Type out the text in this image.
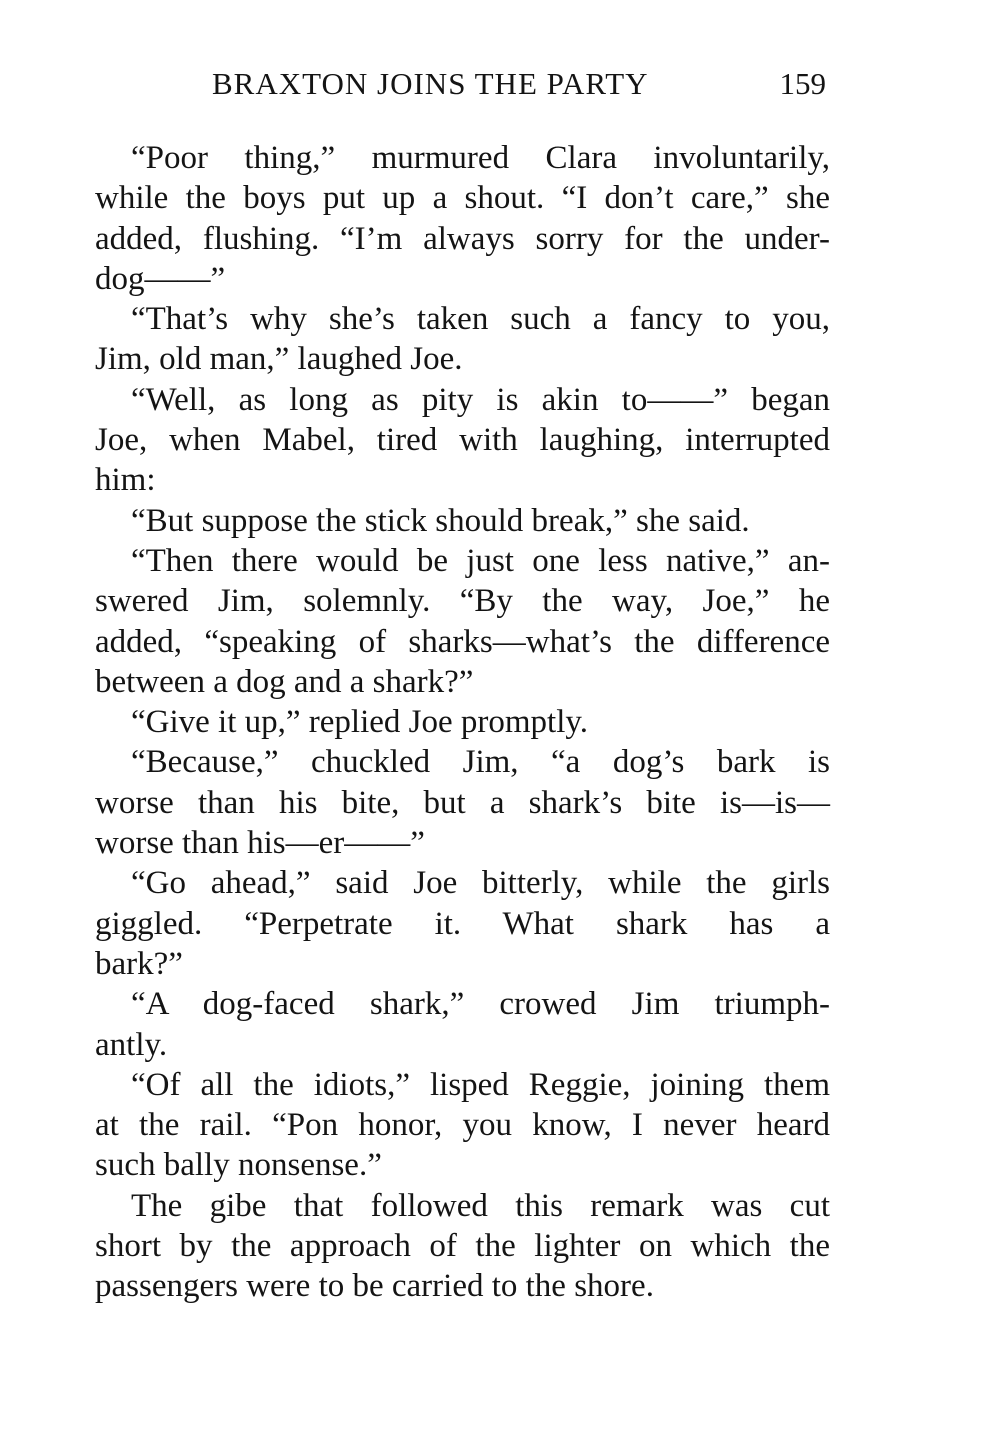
BRAXTON JOINS THE PARTY	159
“Poor thing,” murmured Clara involuntarily,
while the boys put up a shout. “I don’t care,” she
added, flushing. “I’m always sorry for the under-
dog——”
“That’s why she’s taken such a fancy to you,
Jim, old man,” laughed Joe.
“Well, as long as pity is akin to——” began
Joe, when Mabel, tired with laughing, interrupted
him:
“But suppose the stick should break,” she said.
“Then there would be just one less native,” an-
swered Jim, solemnly. “By the way, Joe,” he
added, “speaking of sharks—what’s the difference
between a dog and a shark?”
“Give it up,” replied Joe promptly.
“Because,” chuckled Jim, “a dog’s bark is
worse than his bite, but a shark’s bite is—is—
worse than his—er——”
“Go ahead,” said Joe bitterly, while the girls
giggled. “Perpetrate it. What shark has a
bark?”
“A dog-faced shark,” crowed Jim triumph-
antly.
“Of all the idiots,” lisped Reggie, joining them
at the rail. “Pon honor, you know, I never heard
such bally nonsense.”
The gibe that followed this remark was cut
short by the approach of the lighter on which the
passengers were to be carried to the shore.
